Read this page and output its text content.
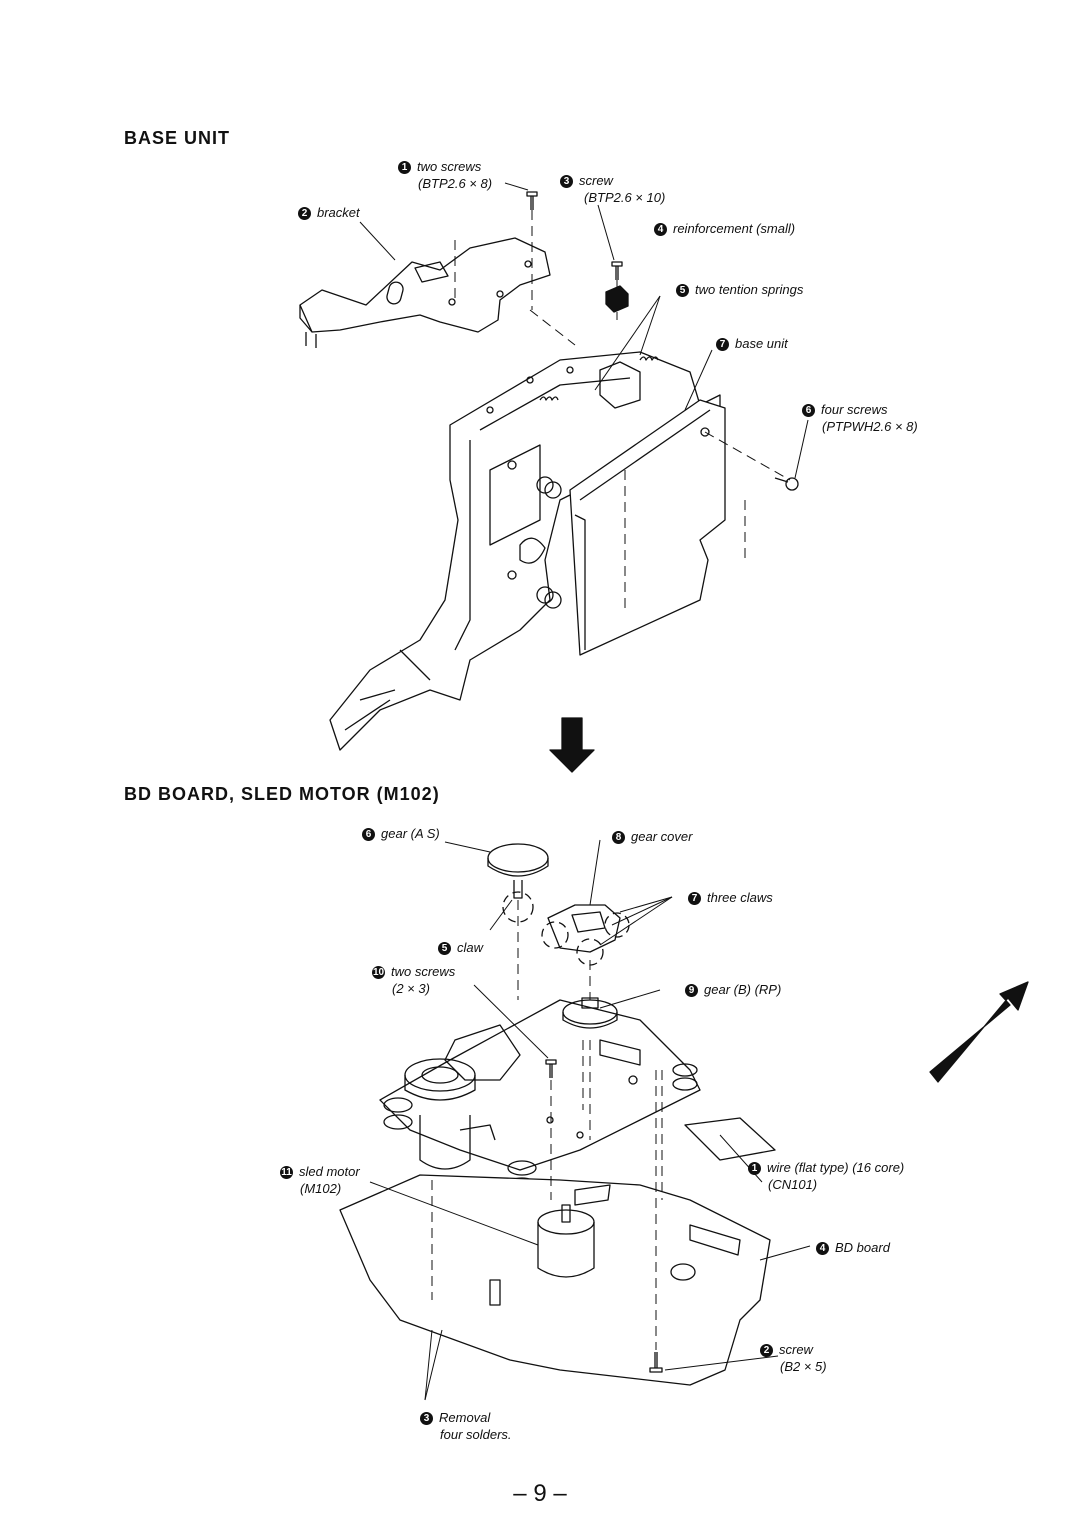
BASE UNIT
BD BOARD, SLED MOTOR (M102)
1 two screws
(BTP2.6 × 8)
2 bracket
3 screw
(BTP2.6 × 10)
4 reinforcement (small)
5 two tention springs
7 base unit
6 four screws
(PTPWH2.6 × 8)
6 gear (A S)	8 gear cover
7 three claws
5 claw
10 two screws
(2 × 3)	9 gear (B) (RP)
11 sled motor
(M102)
1 wire (flat type) (16 core)
(CN101)
4 BD board
2 screw
(B2 × 5)
3 Removal
four solders.
– 9 –
